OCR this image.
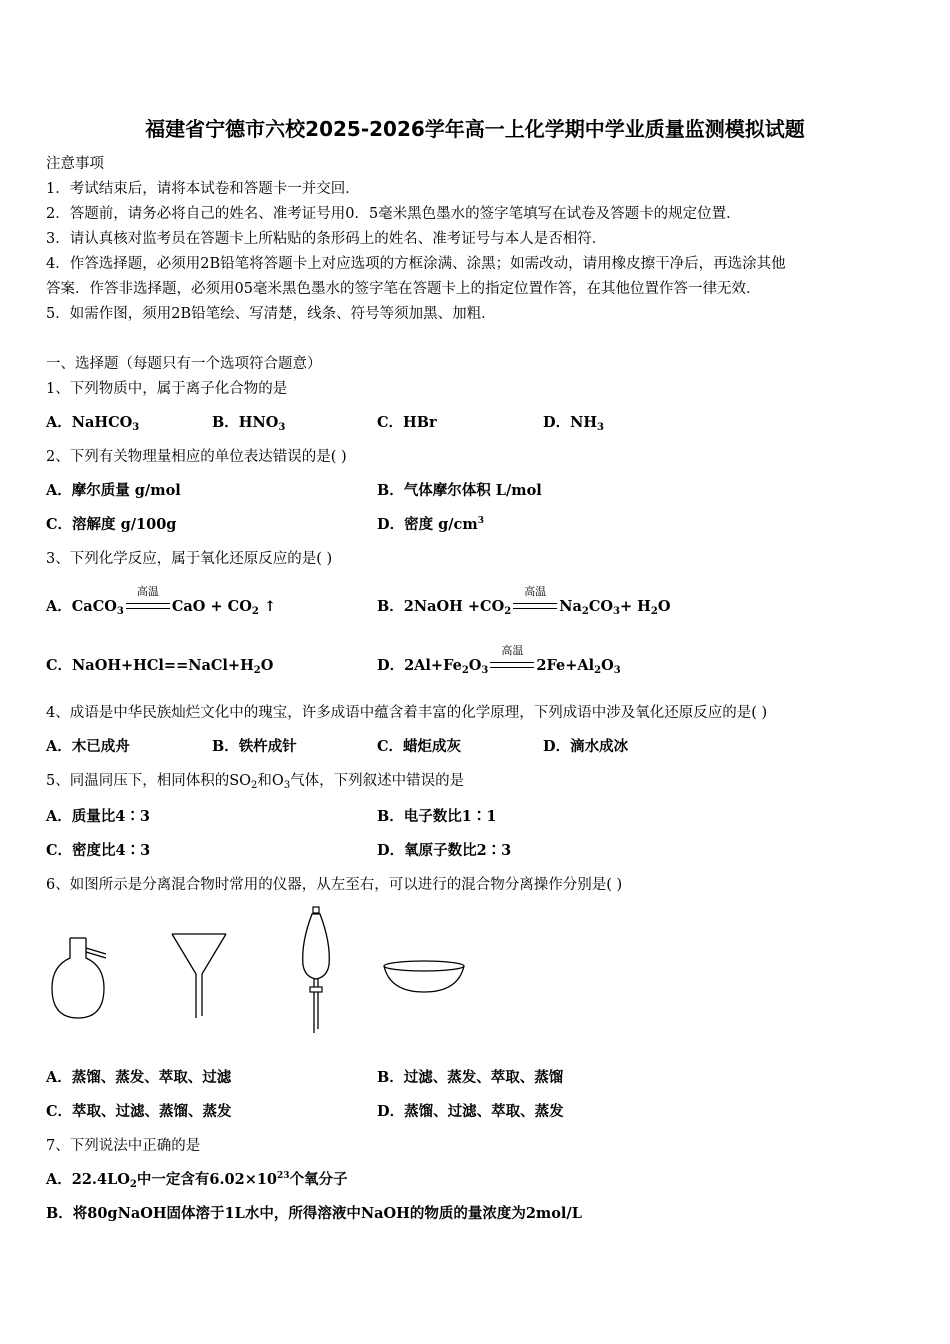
福建省宁德市六校2025-2026学年高一上化学期中学业质量监测模拟试题
注意事项
1．考试结束后，请将本试卷和答题卡一并交回．
2．答题前，请务必将自己的姓名、准考证号用0．5毫米黑色墨水的签字笔填写在试卷及答题卡的规定位置．
3．请认真核对监考员在答题卡上所粘贴的条形码上的姓名、准考证号与本人是否相符．
4．作答选择题，必须用2B铅笔将答题卡上对应选项的方框涂满、涂黑；如需改动，请用橡皮擦干净后，再选涂其他
答案．作答非选择题，必须用05毫米黑色墨水的签字笔在答题卡上的指定位置作答，在其他位置作答一律无效．
5．如需作图，须用2B铅笔绘、写清楚，线条、符号等须加黑、加粗．
一、选择题（每题只有一个选项符合题意）
1、下列物质中，属于离子化合物的是
A．NaHCO$_3$	B．$HNO_3$	C．HBr	D．$NH_3$
2、下列有关物理量相应的单位表达错误的是( )
A．摩尔质量 g/mol	B．气体摩尔体积 L/mol
C．溶解度 g/100g	D．密度 $g/cm^3$
3、下列化学反应，属于氧化还原反应的是( )
A．CaCO$_3$
高温
CaO + $CO_2$ ↑	B．2NaOH $+CO_2$
高温
$Na_2CO_3+ H_2O$
C．$NaOH+HCl==NaCl+H_2O$	D．$2Al+Fe_2O_3$
高温
$2Fe+Al_2O_3$
4、成语是中华民族灿烂文化中的瑰宝，许多成语中蕴含着丰富的化学原理，下列成语中涉及氧化还原反应的是( )
A．木已成舟	B．铁杵成针	C．蜡炬成灰	D．滴水成冰
5、同温同压下，相同体积的$SO_2$和$O_3$气体，下列叙述中错误的是
A．质量比4∶3	B．电子数比1∶1
C．密度比4∶3	D．氧原子数比2∶3
6、如图所示是分离混合物时常用的仪器，从左至右，可以进行的混合物分离操作分别是( )
A．蒸馏、蒸发、萃取、过滤	B．过滤、蒸发、萃取、蒸馏
C．萃取、过滤、蒸馏、蒸发	D．蒸馏、过滤、萃取、蒸发
7、下列说法中正确的是
A．$22.4LO_2$中一定含有$6.02\times 10^{23}$个氧分子
B．将80gNaOH固体溶于1L水中，所得溶液中NaOH的物质的量浓度为2mol/L
